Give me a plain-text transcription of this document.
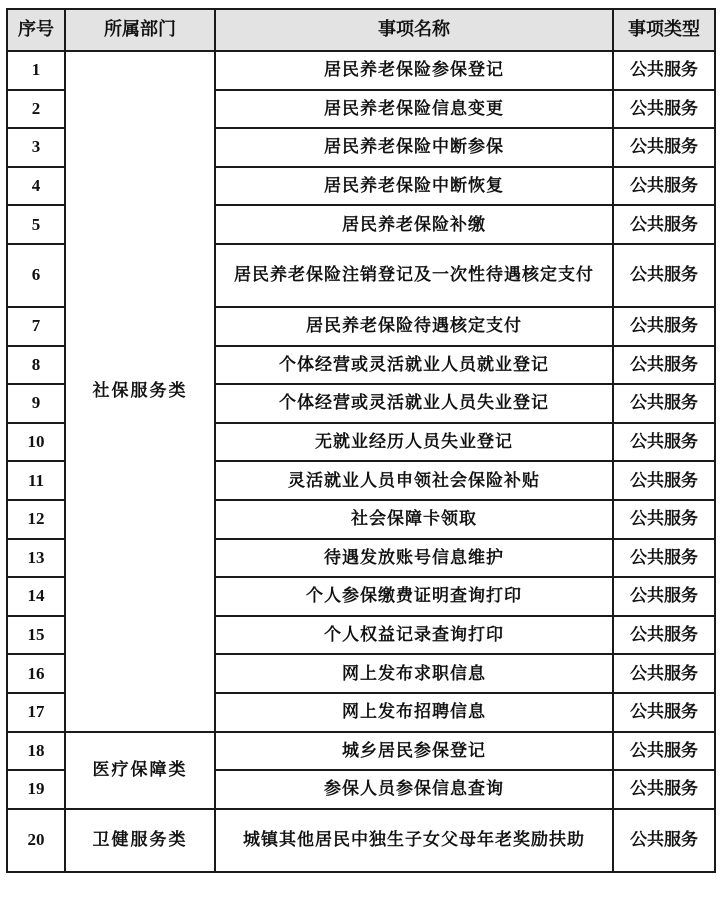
序号	所属部门	事项名称	事项类型
1	社保服务类	居民养老保险参保登记	公共服务
2		居民养老保险信息变更	公共服务
3		居民养老保险中断参保	公共服务
4		居民养老保险中断恢复	公共服务
5		居民养老保险补缴	公共服务
6		居民养老保险注销登记及一次性待遇核定支付	公共服务
7		居民养老保险待遇核定支付	公共服务
8		个体经营或灵活就业人员就业登记	公共服务
9		个体经营或灵活就业人员失业登记	公共服务
10		无就业经历人员失业登记	公共服务
11		灵活就业人员申领社会保险补贴	公共服务
12		社会保障卡领取	公共服务
13		待遇发放账号信息维护	公共服务
14		个人参保缴费证明查询打印	公共服务
15		个人权益记录查询打印	公共服务
16		网上发布求职信息	公共服务
17		网上发布招聘信息	公共服务
18	医疗保障类	城乡居民参保登记	公共服务
19		参保人员参保信息查询	公共服务
20	卫健服务类	城镇其他居民中独生子女父母年老奖励扶助	公共服务
